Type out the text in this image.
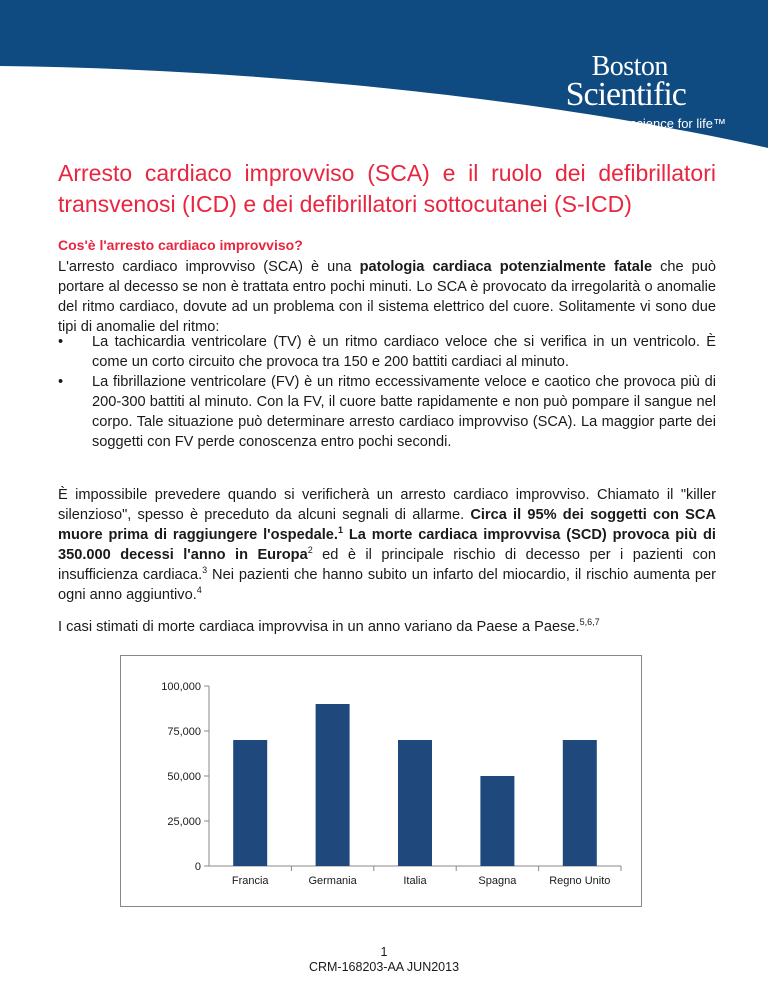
Boston
Scientific
Advancing science for life™
Arresto cardiaco improvviso (SCA) e il ruolo dei defibrillatori transvenosi (ICD) e dei defibrillatori sottocutanei (S-ICD)
Cos'è l'arresto cardiaco improvviso?
L'arresto cardiaco improvviso (SCA) è una patologia cardiaca potenzialmente fatale che può portare al decesso se non è trattata entro pochi minuti. Lo SCA è provocato da irregolarità o anomalie del ritmo cardiaco, dovute ad un problema con il sistema elettrico del cuore. Solitamente vi sono due tipi di anomalie del ritmo:
• La tachicardia ventricolare (TV) è un ritmo cardiaco veloce che si verifica in un ventricolo. È come un corto circuito che provoca tra 150 e 200 battiti cardiaci al minuto.
• La fibrillazione ventricolare (FV) è un ritmo eccessivamente veloce e caotico che provoca più di 200-300 battiti al minuto. Con la FV, il cuore batte rapidamente e non può pompare il sangue nel corpo. Tale situazione può determinare arresto cardiaco improvviso (SCA). La maggior parte dei soggetti con FV perde conoscenza entro pochi secondi.
È impossibile prevedere quando si verificherà un arresto cardiaco improvviso. Chiamato il "killer silenzioso", spesso è preceduto da alcuni segnali di allarme. Circa il 95% dei soggetti con SCA muore prima di raggiungere l'ospedale.$^1$ La morte cardiaca improvvisa (SCD) provoca più di 350.000 decessi l'anno in Europa$^2$ ed è il principale rischio di decesso per i pazienti con insufficienza cardiaca.$^3$ Nei pazienti che hanno subito un infarto del miocardio, il rischio aumenta per ogni anno aggiuntivo.$^4$
I casi stimati di morte cardiaca improvvisa in un anno variano da Paese a Paese.$^{5,6,7}$
0
25,000
50,000
75,000
100,000
Francia	Germania	Italia	Spagna	Regno Unito
1
CRM-168203-AA JUN2013
